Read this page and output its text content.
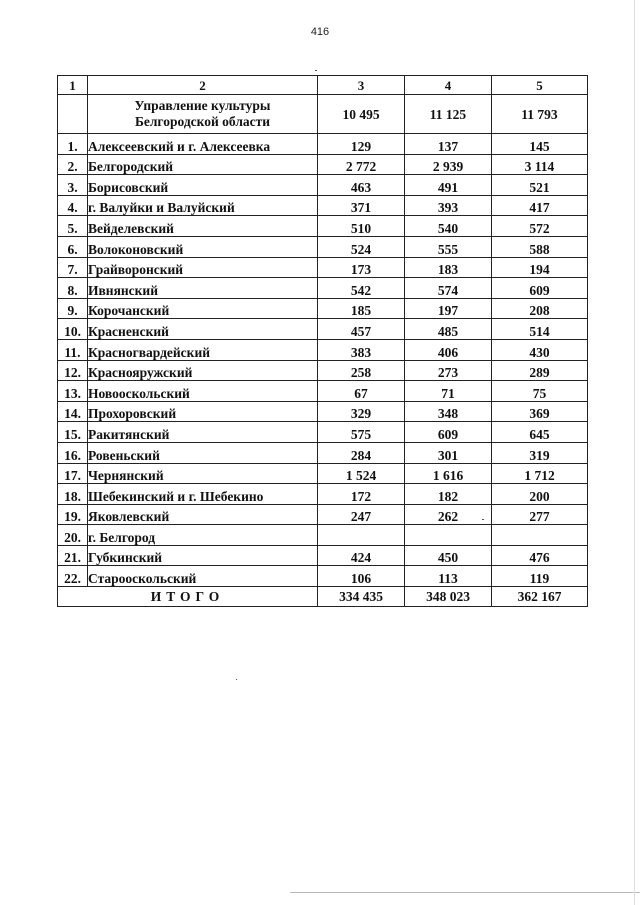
416
1	2	3	4	5

	Управление культуры
Белгородской области	10 495	11 125	11 793
1.	Алексеевский и г. Алексеевка	129	137	145
2.	Белгородский	2 772	2 939	3 114
3.	Борисовский	463	491	521
4.	г. Валуйки и Валуйский	371	393	417
5.	Вейделевский	510	540	572
6.	Волоконовский	524	555	588
7.	Грайворонский	173	183	194
8.	Ивнянский	542	574	609
9.	Корочанский	185	197	208
10.	Красненский	457	485	514
11.	Красногвардейский	383	406	430
12.	Краснояружский	258	273	289
13.	Новооскольский	67	71	75
14.	Прохоровский	329	348	369
15.	Ракитянский	575	609	645
16.	Ровеньский	284	301	319
17.	Чернянский	1 524	1 616	1 712
18.	Шебекинский и г. Шебекино	172	182	200
19.	Яковлевский	247	262	277
20.	г. Белгород			
21.	Губкинский	424	450	476
22.	Старооскольский	106	113	119
ИТОГО		334 435	348 023	362 167
